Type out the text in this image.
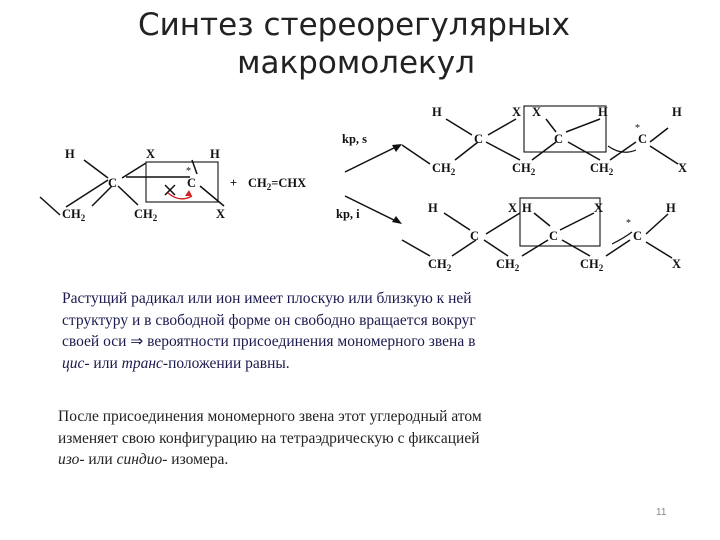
Синтез стереорегулярных
макромолекул
H	X	H
C	C
*
$CH_2$	$CH_2$	X
+ $CH_2=CHX$
kp, s
kp, i
H	X X	H	H
C	C	C
*
$CH_2$	$CH_2$	$CH_2$	X
H	X H	X	H
C	C	C
*
$CH_2$	$CH_2$	$CH_2$	X

Растущий радикал или ион имеет плоскую или близкую к ней
структуру и в свободной форме он свободно вращается вокруг
своей оси ⇒ вероятности присоединения мономерного звена в
цис- или транс-положении равны.

После присоединения мономерного звена этот углеродный атом
изменяет свою конфигурацию на тетраэдрическую с фиксацией
изо- или синдио- изомера.

11
